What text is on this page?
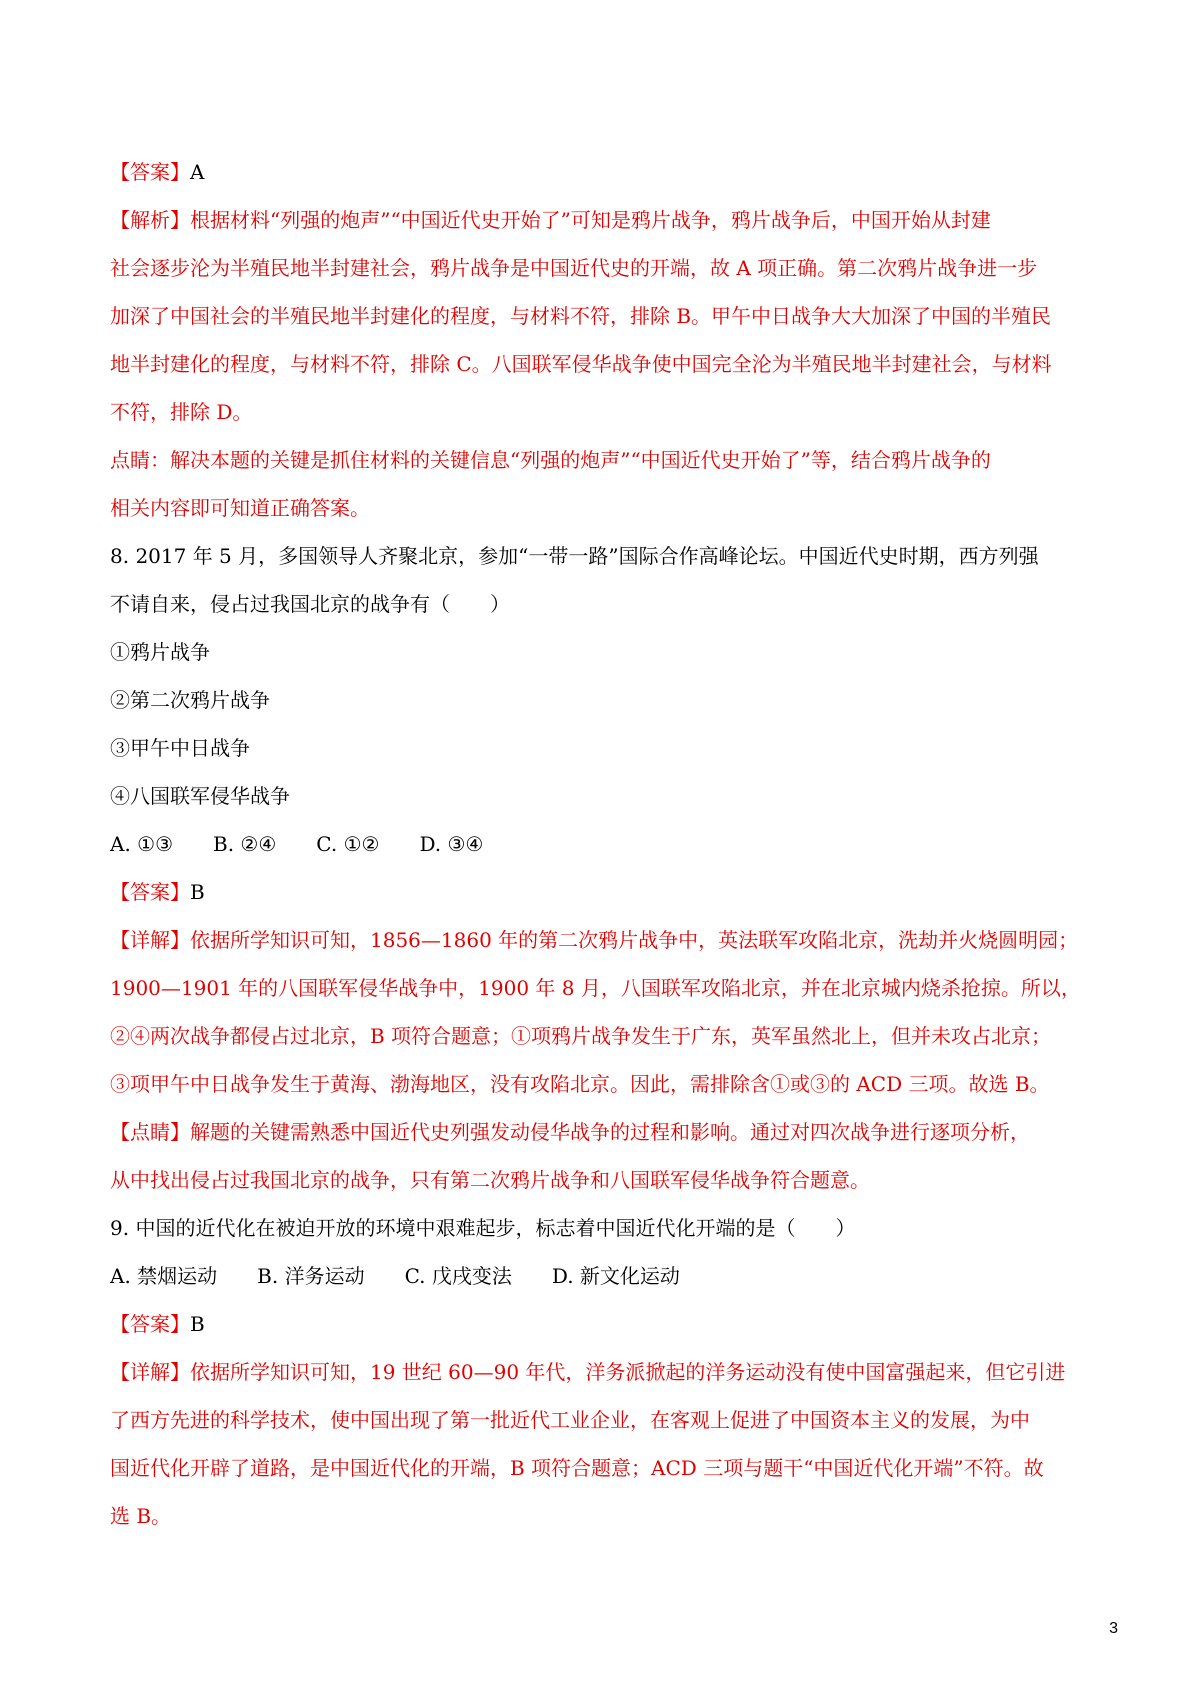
【答案】A
【解析】根据材料“列强的炮声”“中国近代史开始了”可知是鸦片战争，鸦片战争后，中国开始从封建
社会逐步沦为半殖民地半封建社会，鸦片战争是中国近代史的开端，故 A 项正确。第二次鸦片战争进一步
加深了中国社会的半殖民地半封建化的程度，与材料不符，排除 B。甲午中日战争大大加深了中国的半殖民
地半封建化的程度，与材料不符，排除 C。八国联军侵华战争使中国完全沦为半殖民地半封建社会，与材料
不符，排除 D。
点睛：解决本题的关键是抓住材料的关键信息“列强的炮声”“中国近代史开始了”等，结合鸦片战争的
相关内容即可知道正确答案。
8. 2017 年 5 月，多国领导人齐聚北京，参加“一带一路”国际合作高峰论坛。中国近代史时期，西方列强
不请自来，侵占过我国北京的战争有（　　）
①鸦片战争
②第二次鸦片战争
③甲午中日战争
④八国联军侵华战争
A. ①③　　B. ②④　　C. ①②　　D. ③④
【答案】B
【详解】依据所学知识可知，1856—1860 年的第二次鸦片战争中，英法联军攻陷北京，洗劫并火烧圆明园；
1900—1901 年的八国联军侵华战争中，1900 年 8 月，八国联军攻陷北京，并在北京城内烧杀抢掠。所以，
②④两次战争都侵占过北京，B 项符合题意；①项鸦片战争发生于广东，英军虽然北上，但并未攻占北京；
③项甲午中日战争发生于黄海、渤海地区，没有攻陷北京。因此，需排除含①或③的 ACD 三项。故选 B。
【点睛】解题的关键需熟悉中国近代史列强发动侵华战争的过程和影响。通过对四次战争进行逐项分析，
从中找出侵占过我国北京的战争，只有第二次鸦片战争和八国联军侵华战争符合题意。
9. 中国的近代化在被迫开放的环境中艰难起步，标志着中国近代化开端的是（　　）
A. 禁烟运动　　B. 洋务运动　　C. 戊戌变法　　D. 新文化运动
【答案】B
【详解】依据所学知识可知，19 世纪 60—90 年代，洋务派掀起的洋务运动没有使中国富强起来，但它引进
了西方先进的科学技术，使中国出现了第一批近代工业企业，在客观上促进了中国资本主义的发展，为中
国近代化开辟了道路，是中国近代化的开端，B 项符合题意；ACD 三项与题干“中国近代化开端”不符。故
选 B。
3
